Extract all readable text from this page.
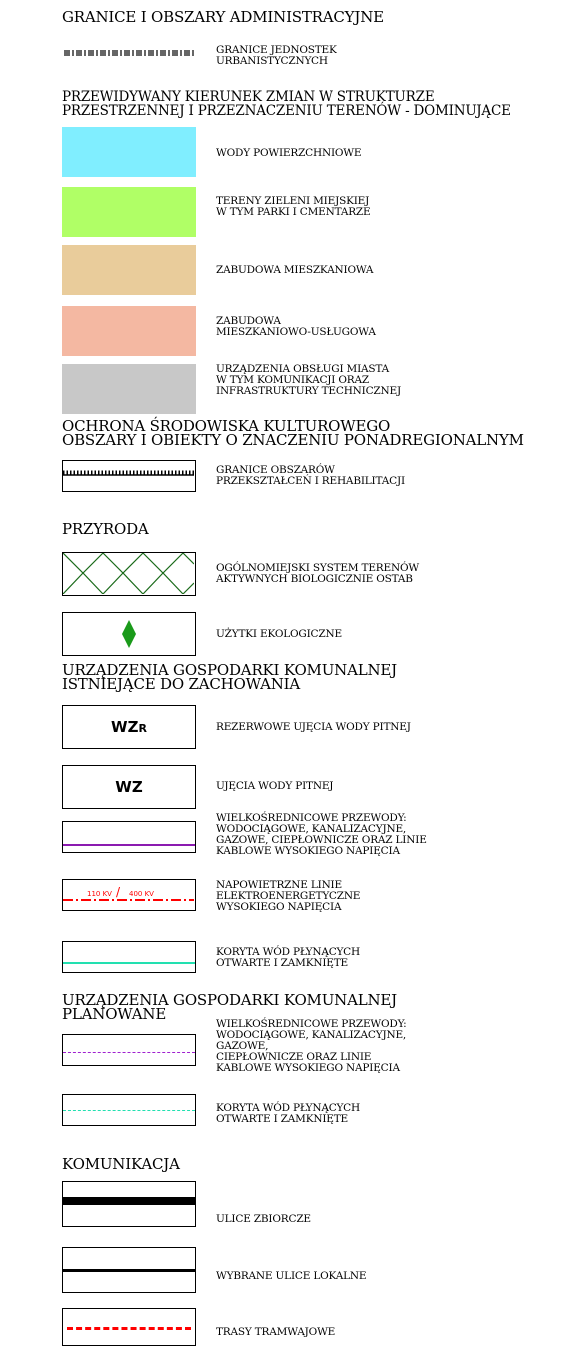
GRANICE I OBSZARY ADMINISTRACYJNE
GRANICE JEDNOSTEK
URBANISTYCZNYCH
PRZEWIDYWANY KIERUNEK ZMIAN W STRUKTURZE
PRZESTRZENNEJ I PRZEZNACZENIU TERENÓW - DOMINUJĄCE
WODY POWIERZCHNIOWE
TERENY ZIELENI MIEJSKIEJ
W TYM PARKI I CMENTARZE
ZABUDOWA MIESZKANIOWA
ZABUDOWA
MIESZKANIOWO-USŁUGOWA
URZĄDZENIA OBSŁUGI MIASTA
W TYM KOMUNIKACJI ORAZ
INFRASTRUKTURY TECHNICZNEJ
OCHRONA ŚRODOWISKA KULTUROWEGO
OBSZARY I OBIEKTY O ZNACZENIU PONADREGIONALNYM
GRANICE OBSZARÓW
PRZEKSZTAŁCEŃ I REHABILITACJI
PRZYRODA
OGÓLNOMIEJSKI SYSTEM TERENÓW
AKTYWNYCH BIOLOGICZNIE OSTAB
UŻYTKI EKOLOGICZNE
URZĄDZENIA GOSPODARKI KOMUNALNEJ
ISTNIEJĄCE DO ZACHOWANIA
WZR	REZERWOWE UJĘCIA WODY PITNEJ
WZ	UJĘCIA WODY PITNEJ
WIELKOŚREDNICOWE PRZEWODY:
WODOCIĄGOWE, KANALIZACYJNE,
GAZOWE, CIEPŁOWNICZE ORAZ LINIE
KABLOWE WYSOKIEGO NAPIĘCIA
110 KV / 400 KV
NAPOWIETRZNE LINIE
ELEKTROENERGETYCZNE
WYSOKIEGO NAPIĘCIA
KORYTA WÓD PŁYNĄCYCH
OTWARTE I ZAMKNIĘTE
URZĄDZENIA GOSPODARKI KOMUNALNEJ
PLANOWANE
WIELKOŚREDNICOWE PRZEWODY:
WODOCIĄGOWE, KANALIZACYJNE,
GAZOWE,
CIEPŁOWNICZE ORAZ LINIE
KABLOWE WYSOKIEGO NAPIĘCIA
KORYTA WÓD PŁYNĄCYCH
OTWARTE I ZAMKNIĘTE
KOMUNIKACJA
ULICE ZBIORCZE
WYBRANE ULICE LOKALNE
TRASY TRAMWAJOWE
